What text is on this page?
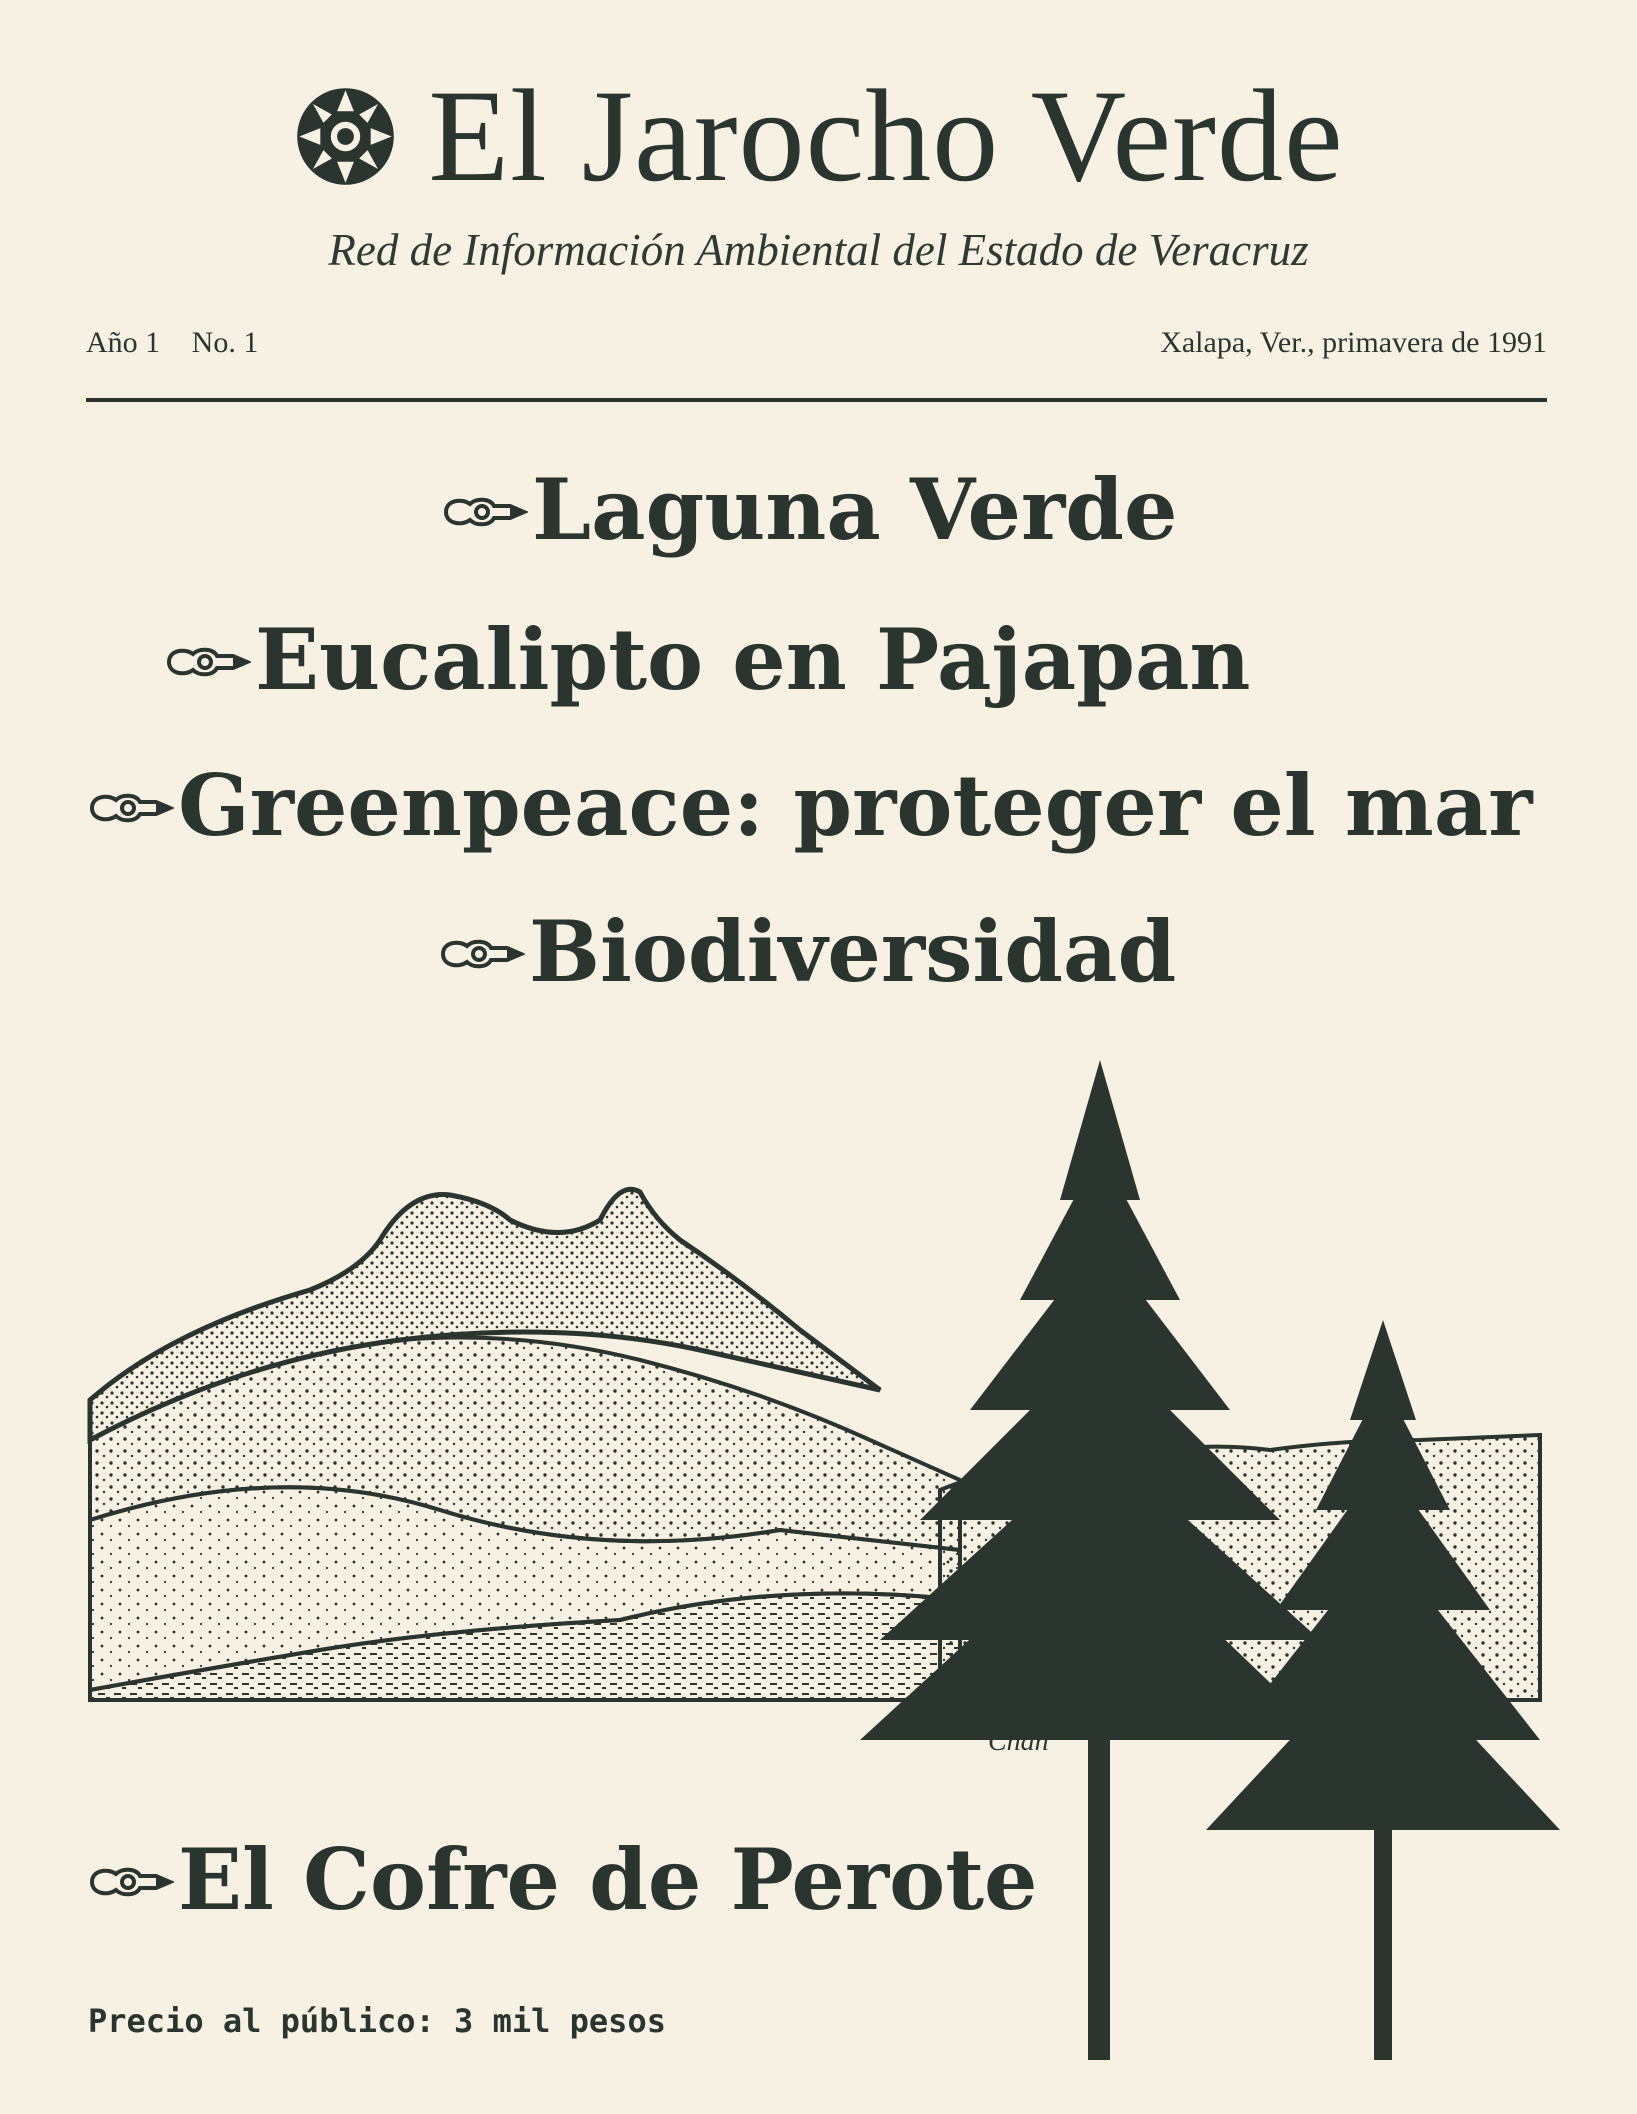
El Jarocho Verde
Red de Información Ambiental del Estado de Veracruz
Año 1 No. 1	Xalapa, Ver., primavera de 1991
Laguna Verde
Eucalipto en Pajapan
Greenpeace: proteger el mar
Biodiversidad
Chan
El Cofre de Perote
Precio al público: 3 mil pesos
